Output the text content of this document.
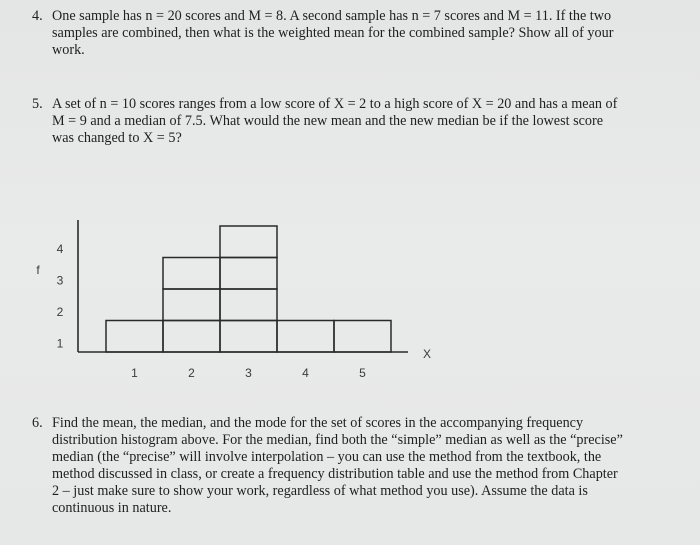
4. One sample has n = 20 scores and M = 8. A second sample has n = 7 scores and M = 11. If the two
samples are combined, then what is the weighted mean for the combined sample? Show all of your
work.
5. A set of n = 10 scores ranges from a low score of X = 2 to a high score of X = 20 and has a mean of
M = 9 and a median of 7.5. What would the new mean and the new median be if the lowest score
was changed to X = 5?
1
2
3
4
1	2	3	4	5
f
X
6. Find the mean, the median, and the mode for the set of scores in the accompanying frequency
distribution histogram above. For the median, find both the “simple” median as well as the “precise”
median (the “precise” will involve interpolation – you can use the method from the textbook, the
method discussed in class, or create a frequency distribution table and use the method from Chapter
2 – just make sure to show your work, regardless of what method you use). Assume the data is
continuous in nature.
